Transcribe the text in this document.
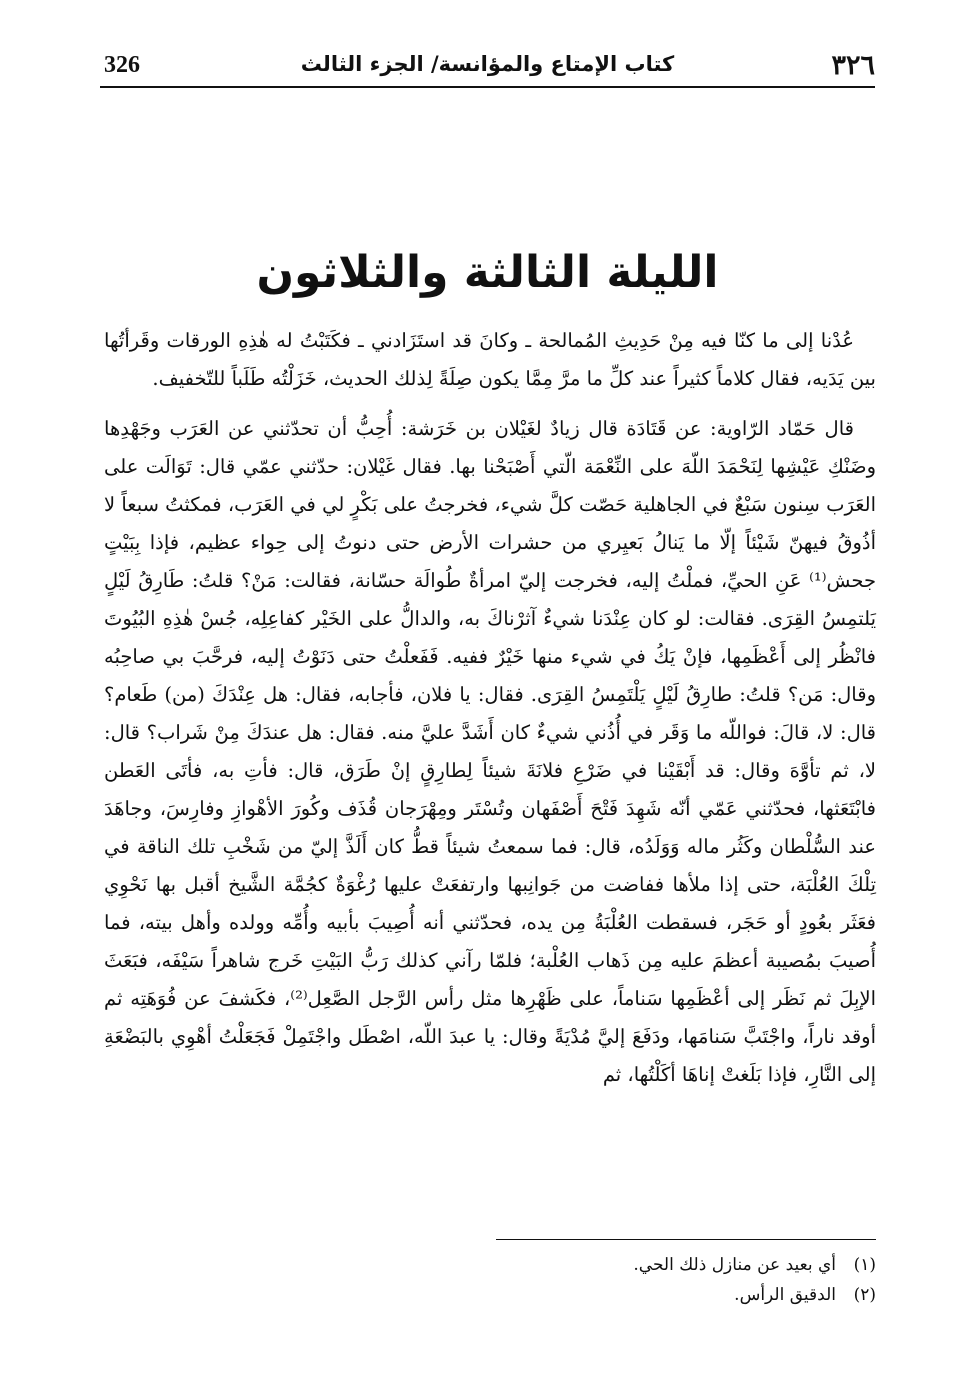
٣٢٦
كتاب الإمتاع والمؤانسة/ الجزء الثالث
326
الليلة الثالثة والثلاثون

عُدْنا إلى ما كنّا فيه مِنْ حَدِيثِ المُمالحة ـ وكانَ قد استَزَادني ـ فكَتَبْتُ له هٰذِهِ الورقات وقَرأتُها بين يَدَيه، فقال كلاماً كثيراً عند كلِّ ما مرَّ مِمَّا يكون صِلَةً لِذلك الحديث، خَزَلْتُه طَلَباً للتّخفيف.

قال حَمّاد الرّاوية: عن قَتَادَة قال زيادٌ لغَيْلان بن خَرَشة: أُحِبُّ أن تحدّثني عن العَرَب وجَهْدِها وضَنْكِ عَيْشِها لِنَحْمَدَ اللّهَ على النِّعْمَة الّتي أَصْبَحْنا بها. فقال غَيْلان: حدّثني عمّي قال: تَوَالَت على العَرَب سِنون سَبْعٌ في الجاهلية حَصّت كلَّ شيء، فخرجتُ على بَكْرٍ لي في العَرَب، فمكثتُ سبعاً لا أذُوقُ فيهنّ شَيْئاً إلّا ما يَنالُ بَعيِري من حشرات الأرض حتى دنوتُ إلى حِواء عظيم، فإذا بِبَيْتٍ جحش⁽¹⁾ عَنِ الحيِّ، فملْتُ إليه، فخرجت إليّ امرأةٌ طُوالَة حسّانة، فقالت: مَنْ؟ قلتُ: طَارِقُ لَيْلٍ يَلتمِسُ القِرَى. فقالت: لو كان عِنْدَنا شيءٌ آثرْناكَ به، والدالُّ على الخَيْر كفاعِلِه، جُسْ هٰذِهِ البُيُوتَ فانْظُر إلى أَعْظَمِها، فإنْ يَكُ في شيء منها خَيْرٌ ففيه. فَفَعلْتُ حتى دَنَوْتُ إليه، فرحَّبَ بي صاحِبُه وقال: مَن؟ قلتُ: طارِقُ لَيْلٍ يَلْتَمِسُ القِرَى. فقال: يا فلان، فأجابه، فقال: هل عِنْدَكَ (من) طَعام؟ قال: لا، قالَ: فواللّه ما وَقَر في أُذُني شيءٌ كان أَشَدَّ عليَّ منه. فقال: هل عندَكَ مِنْ شَراب؟ قال: لا، ثم تأوَّهَ وقال: قد أَبْقَيْنا في ضَرْعِ فلانَةَ شيئاً لِطارِقٍ إنْ طَرَق، قال: فأتِ به، فأتَى العَطن فابْتَعَثها، فحدّثني عَمّي أنّه شَهِدَ فَتْحَ أَصْفَهان وتُسْتَر ومِهْرَجان قُذَف وكُورَ الأهْوازِ وفارِسَ، وجاهَدَ عند السُّلْطان وكَثُر ماله وَوَلَدُه، قال: فما سمعتُ شيئاً قطُّ كان أَلَذَّ إليّ من شَخْبِ تلك الناقة في تِلْكَ العُلْبَة، حتى إذا ملأها ففاضت من جَوانِبها وارتفعَتْ عليها رُغْوَةٌ كجُمَّة الشَّيخ أقبل بها نَحْوِي فعَثَر بعُودٍ أو حَجَر، فسقطت العُلْبَةُ مِن يده، فحدّثني أنه أُصِيبَ بأبيه وأُمِّه وولده وأهل بيته، فما أُصيبَ بمُصيبة أعظمَ عليه مِن ذَهاب العُلْبة؛ فلمّا رآني كذلك رَبُّ البَيْتِ خَرج شاهراً سَيْفَه، فبَعَثَ الإبِلَ ثم نَظَر إلى أعْظَمِها سَناماً، على ظَهْرِها مثل رأس الرَّجل الصَّعِل⁽²⁾، فكَشفَ عن فُوَهَتِه ثم أوقد ناراً، واجْتَبَّ سَنامَها، ودَفَعَ إليَّ مُدْيَةً وقال: يا عبدَ اللّه، اصْطَل واجْتَمِلْ فَجَعَلْتُ أهْوِي بالبَضْعَةِ إلى النَّارِ، فإذا بَلَغتْ إناهَا أكَلْتُها، ثم

(١)
أي بعيد عن منازل ذلك الحي.
(٢)
الدقيق الرأس.
